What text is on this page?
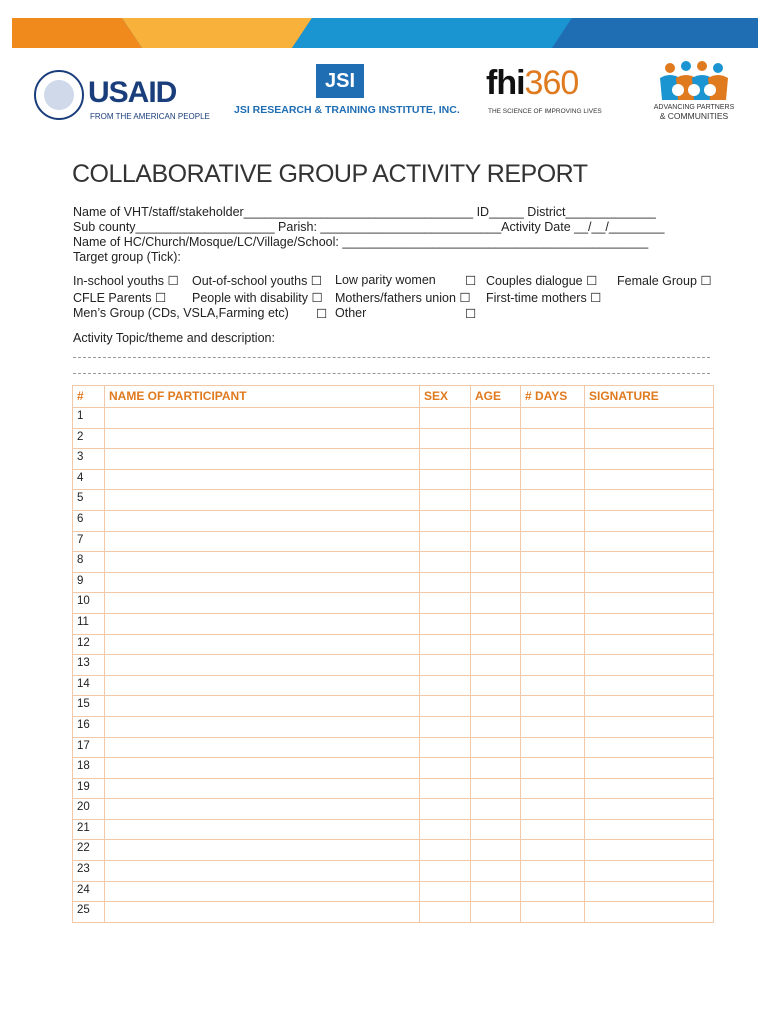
USAID
FROM THE AMERICAN PEOPLE
JSI
JSI RESEARCH & TRAINING INSTITUTE, INC.
fhi360
THE SCIENCE OF IMPROVING LIVES
ADVANCING PARTNERS
& COMMUNITIES
COLLABORATIVE GROUP ACTIVITY REPORT
Name of VHT/staff/stakeholder_________________________________ ID_____ District_____________
Sub county____________________ Parish: __________________________Activity Date __/__/________
Name of HC/Church/Mosque/LC/Village/School: ____________________________________________
Target group (Tick):
In-school youths ☐
CFLE Parents ☐
Men’s Group (CDs, VSLA,Farming etc)
Out-of-school youths ☐
People with disability ☐
☐
Low parity women
Mothers/fathers union ☐
Other
☐
☐
Couples dialogue ☐
First-time mothers ☐
Female Group ☐
Activity Topic/theme and description:
#	NAME OF PARTICIPANT	SEX	AGE	# DAYS	SIGNATURE
1					
2					
3					
4					
5					
6					
7					
8					
9					
10					
11					
12					
13					
14					
15					
16					
17					
18					
19					
20					
21					
22					
23					
24					
25					
